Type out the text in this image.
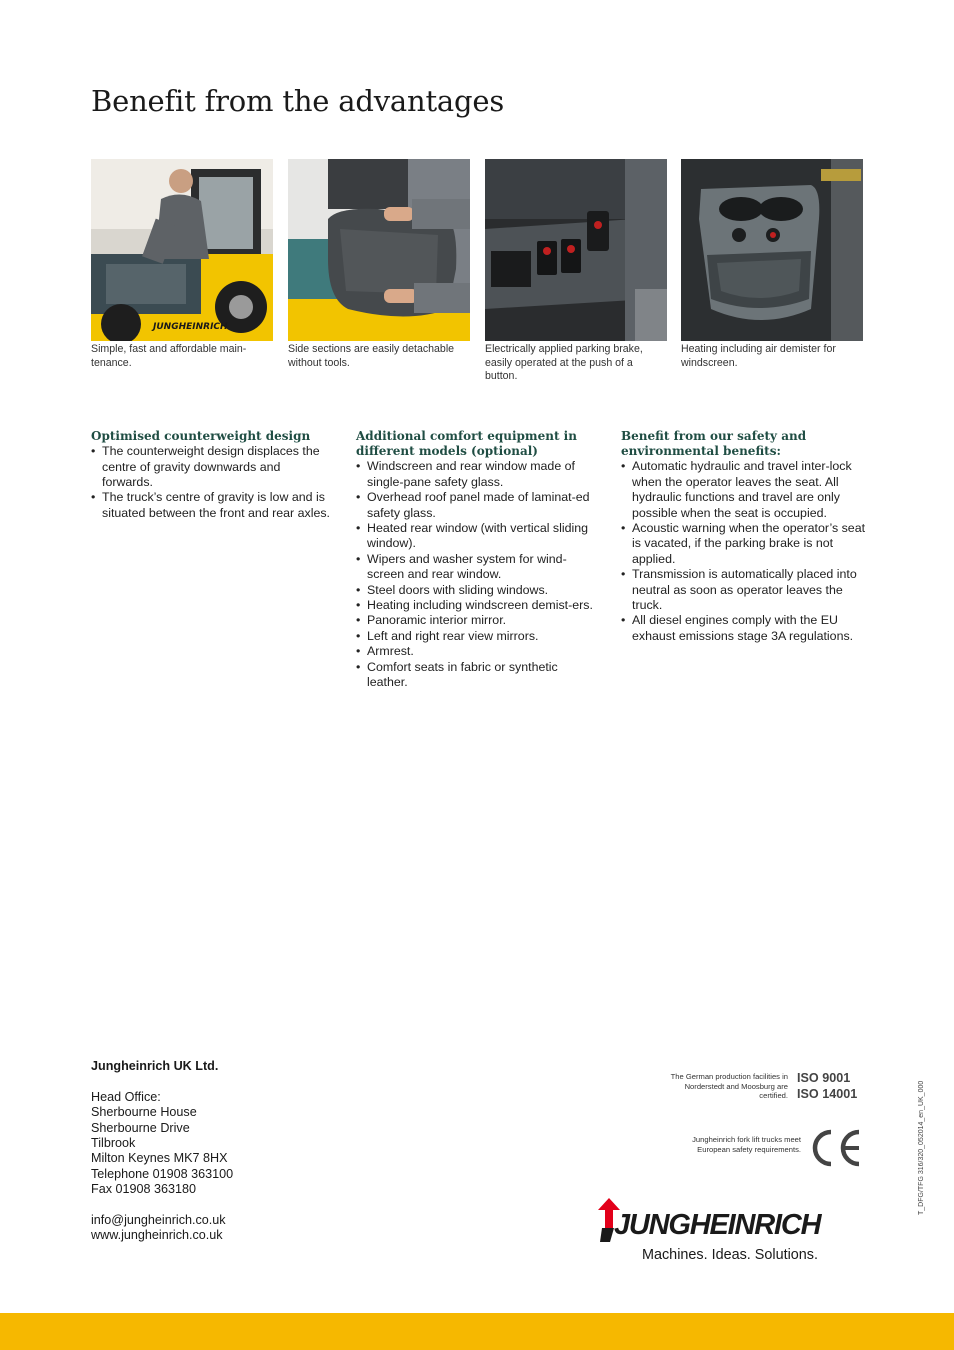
Benefit from the advantages
JUNGHEINRICH
Simple, fast and affordable main-tenance.
Side sections are easily detachable without tools.
Electrically applied parking brake, easily operated at the push of a button.
Heating including air demister for windscreen.
Optimised counterweight design
• The counterweight design displaces the centre of gravity downwards and forwards.
• The truck’s centre of gravity is low and is situated between the front and rear axles.
Additional comfort equipment in different models (optional)
• Windscreen and rear window made of single-pane safety glass.
• Overhead roof panel made of laminat-ed safety glass.
• Heated rear window (with vertical sliding window).
• Wipers and washer system for wind-screen and rear window.
• Steel doors with sliding windows.
• Heating including windscreen demist-ers.
• Panoramic interior mirror.
• Left and right rear view mirrors.
• Armrest.
• Comfort seats in fabric or synthetic leather.
Benefit from our safety and environmental benefits:
• Automatic hydraulic and travel inter-lock when the operator leaves the seat. All hydraulic functions and travel are only possible when the seat is occupied.
• Acoustic warning when the operator’s seat is vacated, if the parking brake is not applied.
• Transmission is automatically placed into neutral as soon as operator leaves the truck.
• All diesel engines comply with the EU exhaust emissions stage 3A regulations.

Jungheinrich UK Ltd.

Head Office:

Sherbourne House

Sherbourne Drive

Tilbrook

Milton Keynes MK7 8HX

Telephone 01908 363100

Fax 01908 363180

info@jungheinrich.co.uk

www.jungheinrich.co.uk

The German production facilities in Norderstedt and Moosburg are certified.
ISO 9001
ISO 14001
Jungheinrich fork lift trucks meet European safety requirements.
JUNGHEINRICH
Machines. Ideas. Solutions.
T_DFG/TFG 316/320_052014_en_UK_000
